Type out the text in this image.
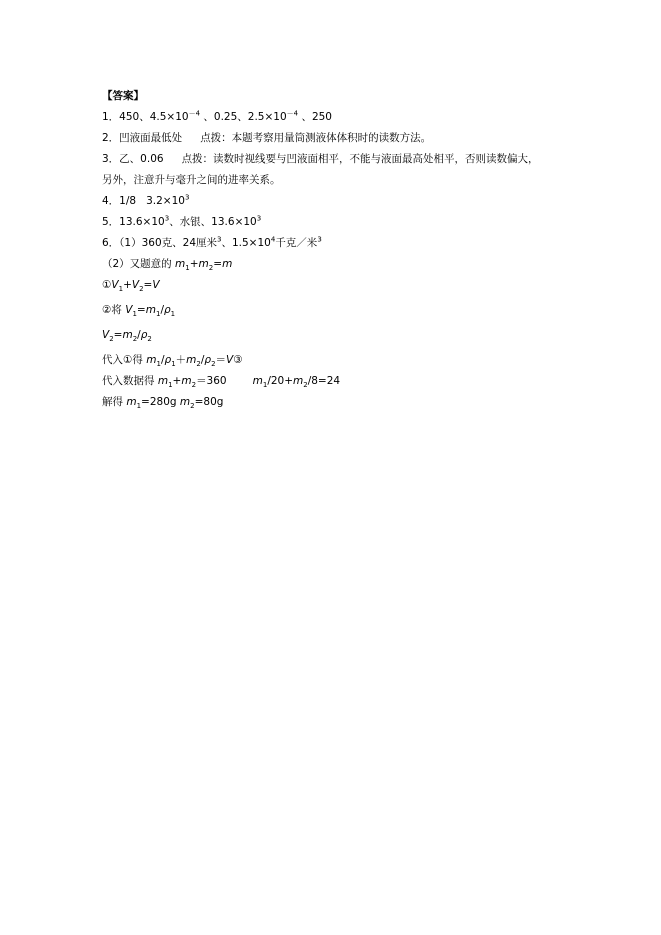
【答案】
1．450、$4.5\times 10^{-4}$ 、0.25、$2.5\times 10^{-4}$ 、250
2．凹液面最低处 点拨：本题考察用量筒测液体体积时的读数方法。
3．乙、0.06 点拨：读数时视线要与凹液面相平，不能与液面最高处相平，否则读数偏大，
另外，注意升与毫升之间的进率关系。
4．1/8   $3.2\times 10^3$
5．$13.6\times 10^3$、水银、$13.6\times 10^3$
6．（1）360克、24厘米$^3$、$1.5\times 10^4$千克／米$^3$
（2）又题意的 $m_1+m_2=m$
$①V_1+V_2=V$
②将 $V_1=m_1/\rho_1$
$V_2=m_2/\rho_2$
代入①得 $m_1/\rho_1+m_2/\rho_2=V③$
代入数据得 $m_1+m_2=360$ $m_1/20+m_2/8=24$
解得 $m_1=280g$ $m_2=80g$
